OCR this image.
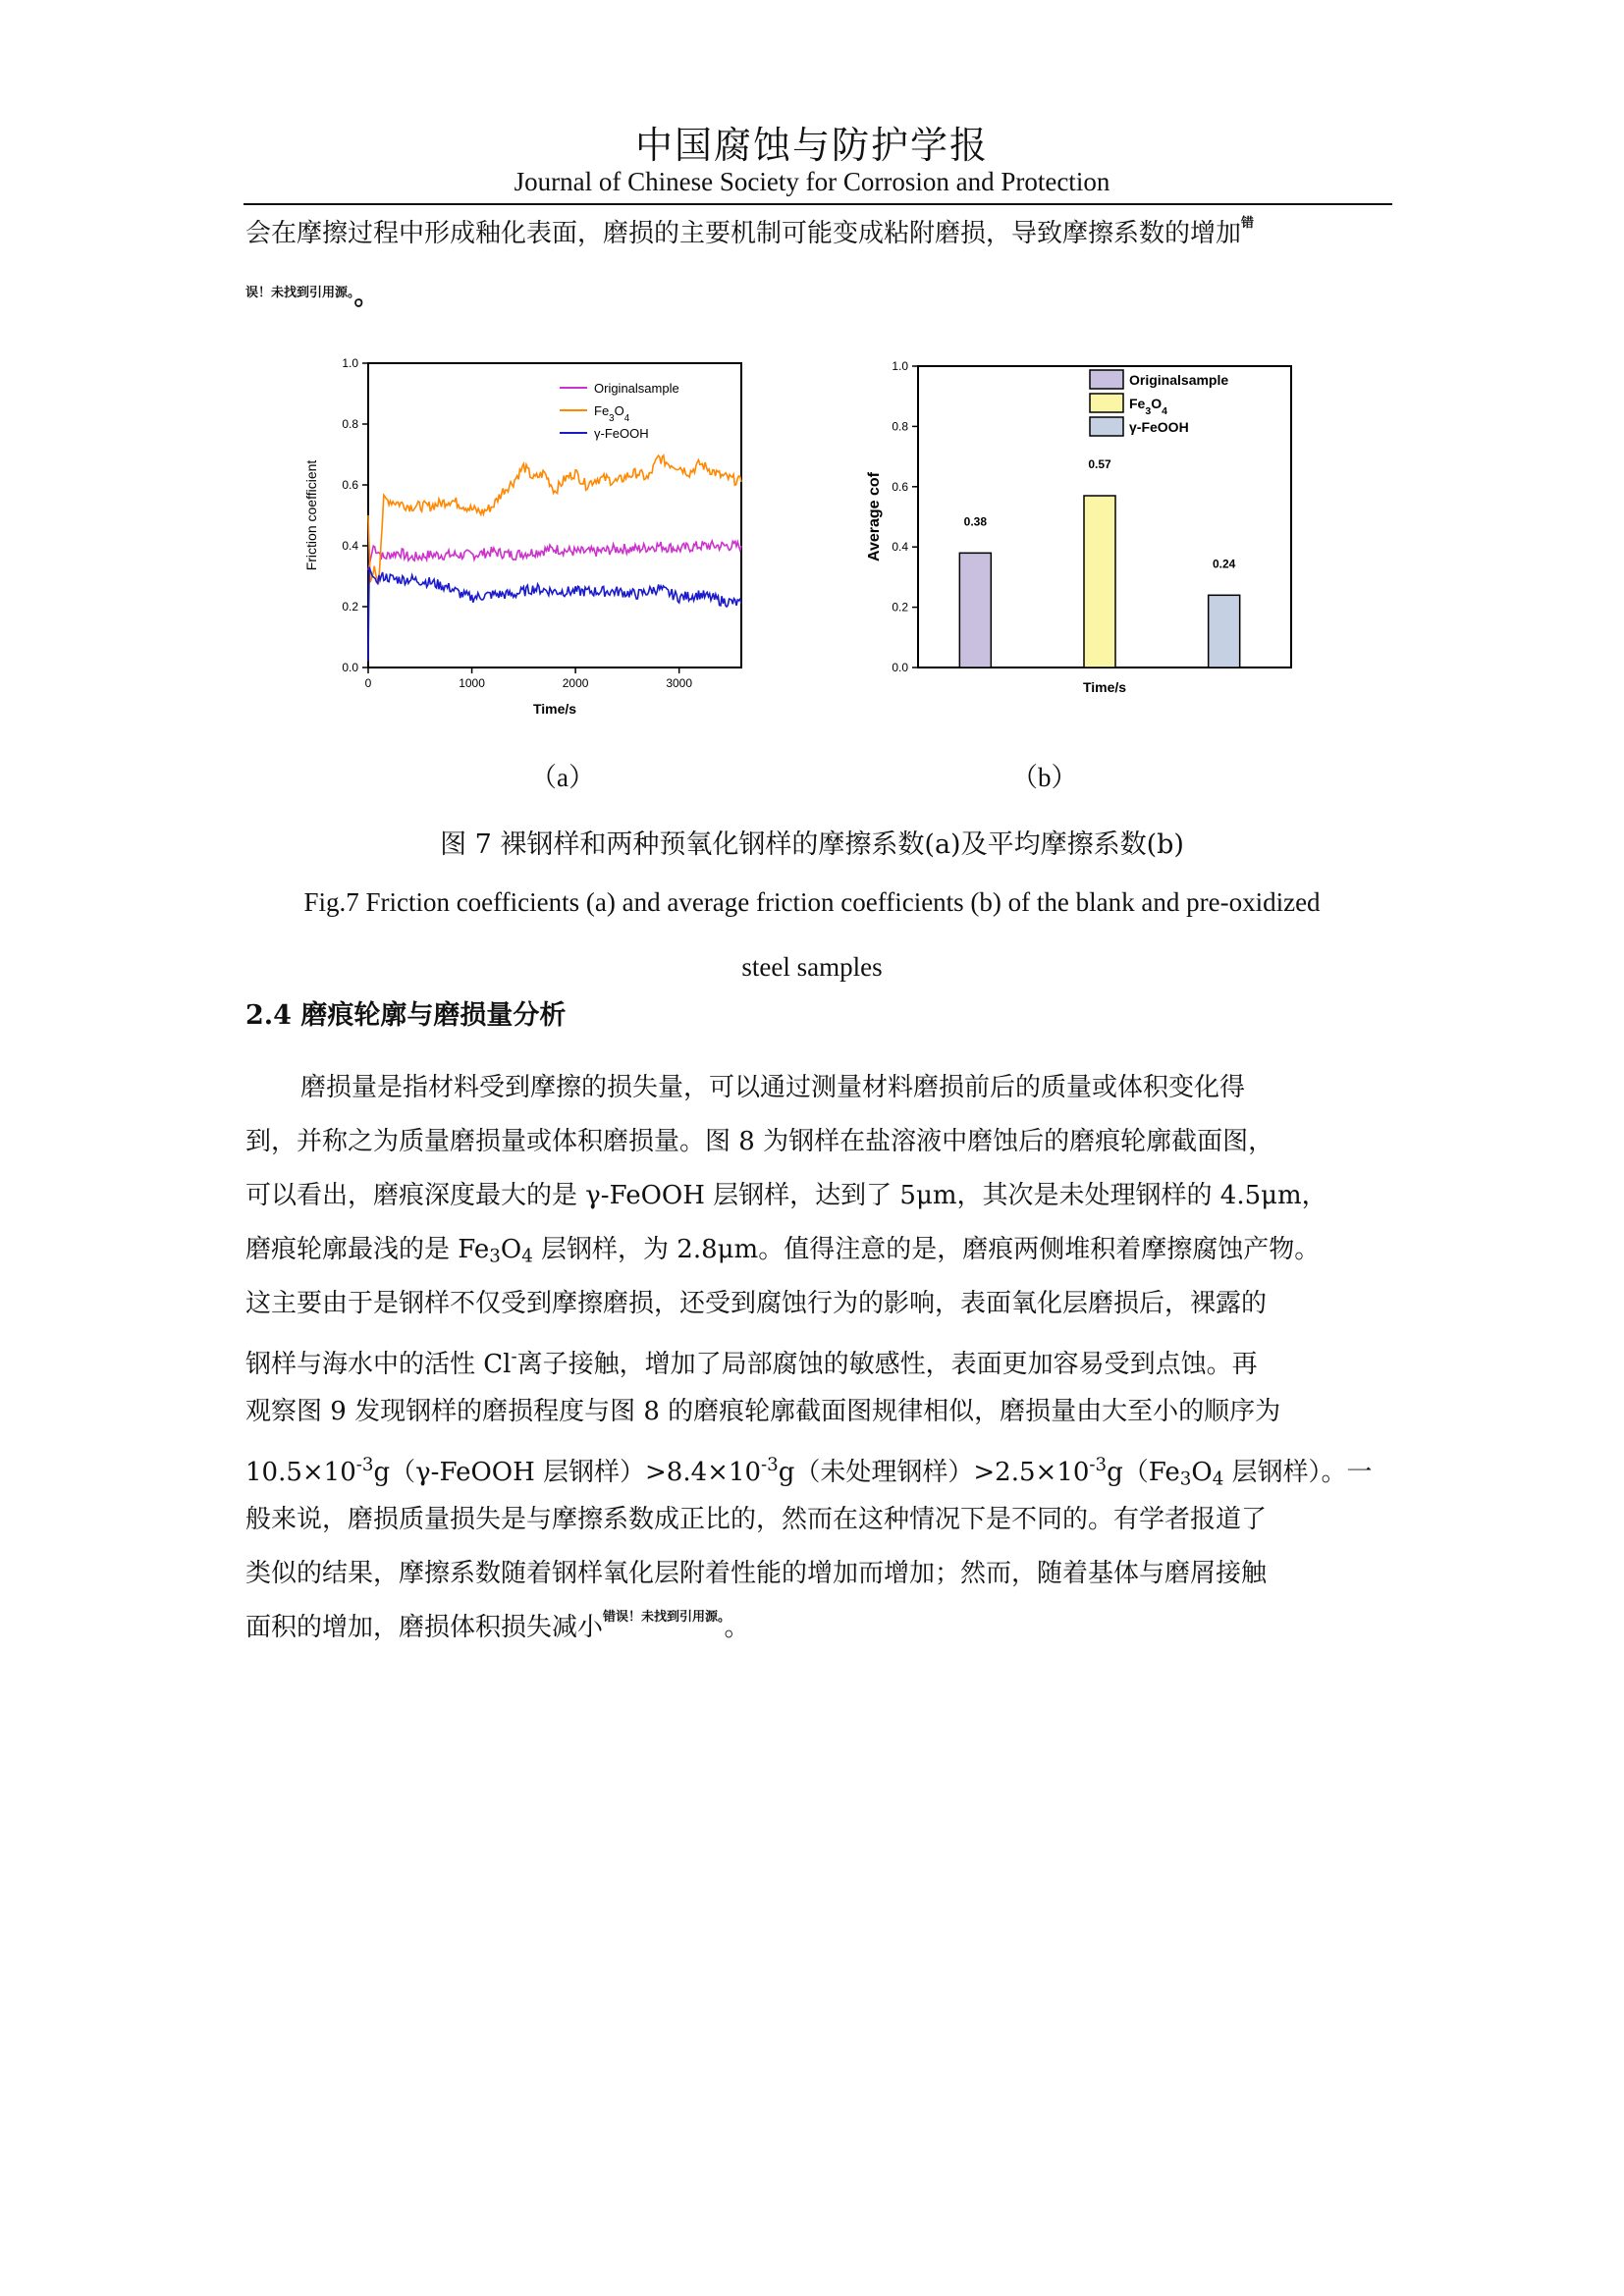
中国腐蚀与防护学报
Journal of Chinese Society for Corrosion and Protection
会在摩擦过程中形成釉化表面，磨损的主要机制可能变成粘附磨损，导致摩擦系数的增加$^错$
误！未找到引用源。。
0.0
0.2
0.4
0.6
0.8
1.0
0	1000	2000	3000
Time/s
Friction coefficient
Originalsample
$Fe_3O_4$
γ-FeOOH
0.0
0.2
0.4
0.6
0.8
1.0
Time/s
Average cof	0.38
0.57
0.24
Originalsample
$Fe_3O_4$
γ-FeOOH
（a）	（b）
图 7 裸钢样和两种预氧化钢样的摩擦系数(a)及平均摩擦系数(b)
Fig.7 Friction coefficients (a) and average friction coefficients (b) of the blank and pre-oxidized
steel samples
2.4 磨痕轮廓与磨损量分析
磨损量是指材料受到摩擦的损失量，可以通过测量材料磨损前后的质量或体积变化得
到，并称之为质量磨损量或体积磨损量。图 8 为钢样在盐溶液中磨蚀后的磨痕轮廓截面图，
可以看出，磨痕深度最大的是 γ-FeOOH 层钢样，达到了 5μm，其次是未处理钢样的 4.5μm，
磨痕轮廓最浅的是 $Fe_3O_4$ 层钢样，为 2.8μm。值得注意的是，磨痕两侧堆积着摩擦腐蚀产物。
这主要由于是钢样不仅受到摩擦磨损，还受到腐蚀行为的影响，表面氧化层磨损后，裸露的
钢样与海水中的活性 Cl-离子接触，增加了局部腐蚀的敏感性，表面更加容易受到点蚀。再
观察图 9 发现钢样的磨损程度与图 8 的磨痕轮廓截面图规律相似，磨损量由大至小的顺序为
$10.5\times 10^{-3}g(\gamma$-FeOOH 层钢样）$>8.4\times 10^{-3}g$（未处理钢样）$>2.5\times 10^{-3}g(Fe_3O_4$ 层钢样）。一
般来说，磨损质量损失是与摩擦系数成正比的，然而在这种情况下是不同的。有学者报道了
类似的结果，摩擦系数随着钢样氧化层附着性能的增加而增加；然而，随着基体与磨屑接触
面积的增加，磨损体积损失减小$^{错误!未找到引用源。}$。
